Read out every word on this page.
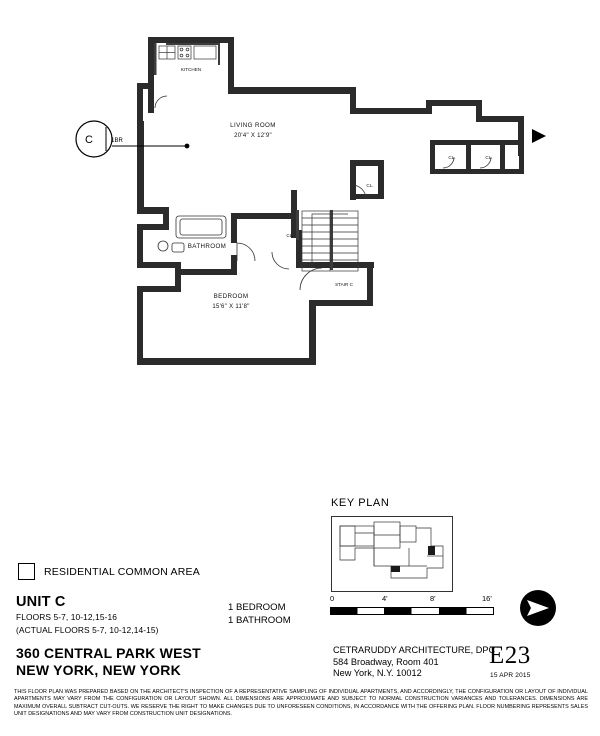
C	1BR
LIVING ROOM
20'4" X 12'9"
KITCHEN
BATHROOM
BEDROOM
15'6" X 11'8"
STAIR C
CL.
CL.
CL.	CL.
RESIDENTIAL COMMON AREA
UNIT C
FLOORS 5-7, 10-12,15-16
(ACTUAL FLOORS 5-7, 10-12,14-15)
1 BEDROOM
1 BATHROOM
360 CENTRAL PARK WEST
NEW YORK, NEW YORK
CETRARUDDY ARCHITECTURE, DPC
584 Broadway, Room 401
New York, N.Y. 10012
E23
15 APR 2015
THIS FLOOR PLAN WAS PREPARED BASED ON THE ARCHITECT'S INSPECTION OF A REPRESENTATIVE SAMPLING OF INDIVIDUAL APARTMENTS, AND ACCORDINGLY, THE CONFIGURATION OR LAYOUT OF INDIVIDUAL APARTMENTS MAY VARY FROM THE CONFIGURATION OR LAYOUT SHOWN. ALL DIMENSIONS ARE APPROXIMATE AND SUBJECT TO NORMAL CONSTRUCTION VARIANCES AND TOLERANCES. DIMENSIONS ARE MAXIMUM OVERALL SUBTRACT CUT-OUTS. WE RESERVE THE RIGHT TO MAKE CHANGES DUE TO UNFORESEEN CONDITIONS, IN ACCORDANCE WITH THE OFFERING PLAN. FLOOR NUMBERING REPRESENTS SALES UNIT DESIGNATIONS AND MAY VARY FROM CONSTRUCTION UNIT DESIGNATIONS.
KEY PLAN
0	4'	8'	16'
